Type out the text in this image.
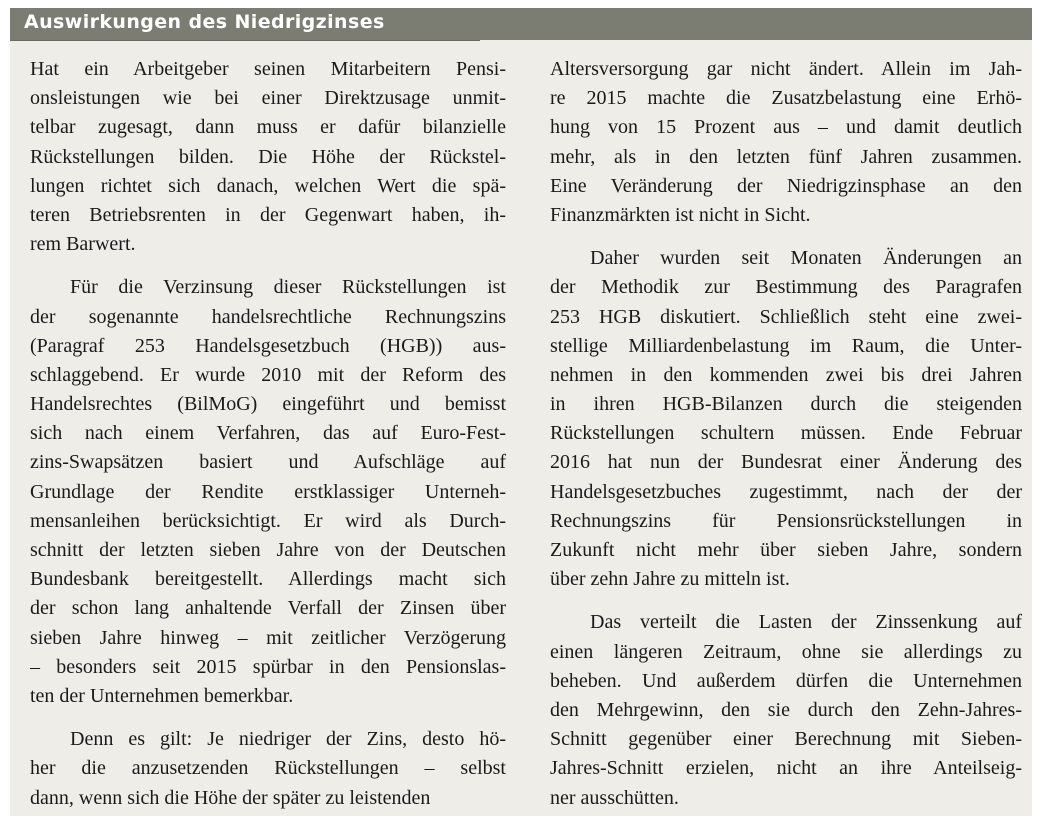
Auswirkungen des Niedrigzinses
Hat ein Arbeitgeber seinen Mitarbeitern Pensi-
onsleistungen wie bei einer Direktzusage unmit-
telbar zugesagt, dann muss er dafür bilanzielle
Rückstellungen bilden. Die Höhe der Rückstel-
lungen richtet sich danach, welchen Wert die spä-
teren Betriebsrenten in der Gegenwart haben, ih-
rem Barwert.
Für die Verzinsung dieser Rückstellungen ist
der sogenannte handelsrechtliche Rechnungszins
(Paragraf 253 Handelsgesetzbuch (HGB)) aus-
schlaggebend. Er wurde 2010 mit der Reform des
Handelsrechtes (BilMoG) eingeführt und bemisst
sich nach einem Verfahren, das auf Euro-Fest-
zins-Swapsätzen basiert und Aufschläge auf
Grundlage der Rendite erstklassiger Unterneh-
mensanleihen berücksichtigt. Er wird als Durch-
schnitt der letzten sieben Jahre von der Deutschen
Bundesbank bereitgestellt. Allerdings macht sich
der schon lang anhaltende Verfall der Zinsen über
sieben Jahre hinweg – mit zeitlicher Verzögerung
– besonders seit 2015 spürbar in den Pensionslas-
ten der Unternehmen bemerkbar.
Denn es gilt: Je niedriger der Zins, desto hö-
her die anzusetzenden Rückstellungen – selbst
dann, wenn sich die Höhe der später zu leistenden
Altersversorgung gar nicht ändert. Allein im Jah-
re 2015 machte die Zusatzbelastung eine Erhö-
hung von 15 Prozent aus – und damit deutlich
mehr, als in den letzten fünf Jahren zusammen.
Eine Veränderung der Niedrigzinsphase an den
Finanzmärkten ist nicht in Sicht.
Daher wurden seit Monaten Änderungen an
der Methodik zur Bestimmung des Paragrafen
253 HGB diskutiert. Schließlich steht eine zwei-
stellige Milliardenbelastung im Raum, die Unter-
nehmen in den kommenden zwei bis drei Jahren
in ihren HGB-Bilanzen durch die steigenden
Rückstellungen schultern müssen. Ende Februar
2016 hat nun der Bundesrat einer Änderung des
Handelsgesetzbuches zugestimmt, nach der der
Rechnungszins für Pensionsrückstellungen in
Zukunft nicht mehr über sieben Jahre, sondern
über zehn Jahre zu mitteln ist.
Das verteilt die Lasten der Zinssenkung auf
einen längeren Zeitraum, ohne sie allerdings zu
beheben. Und außerdem dürfen die Unternehmen
den Mehrgewinn, den sie durch den Zehn-Jahres-
Schnitt gegenüber einer Berechnung mit Sieben-
Jahres-Schnitt erzielen, nicht an ihre Anteilseig-
ner ausschütten.
